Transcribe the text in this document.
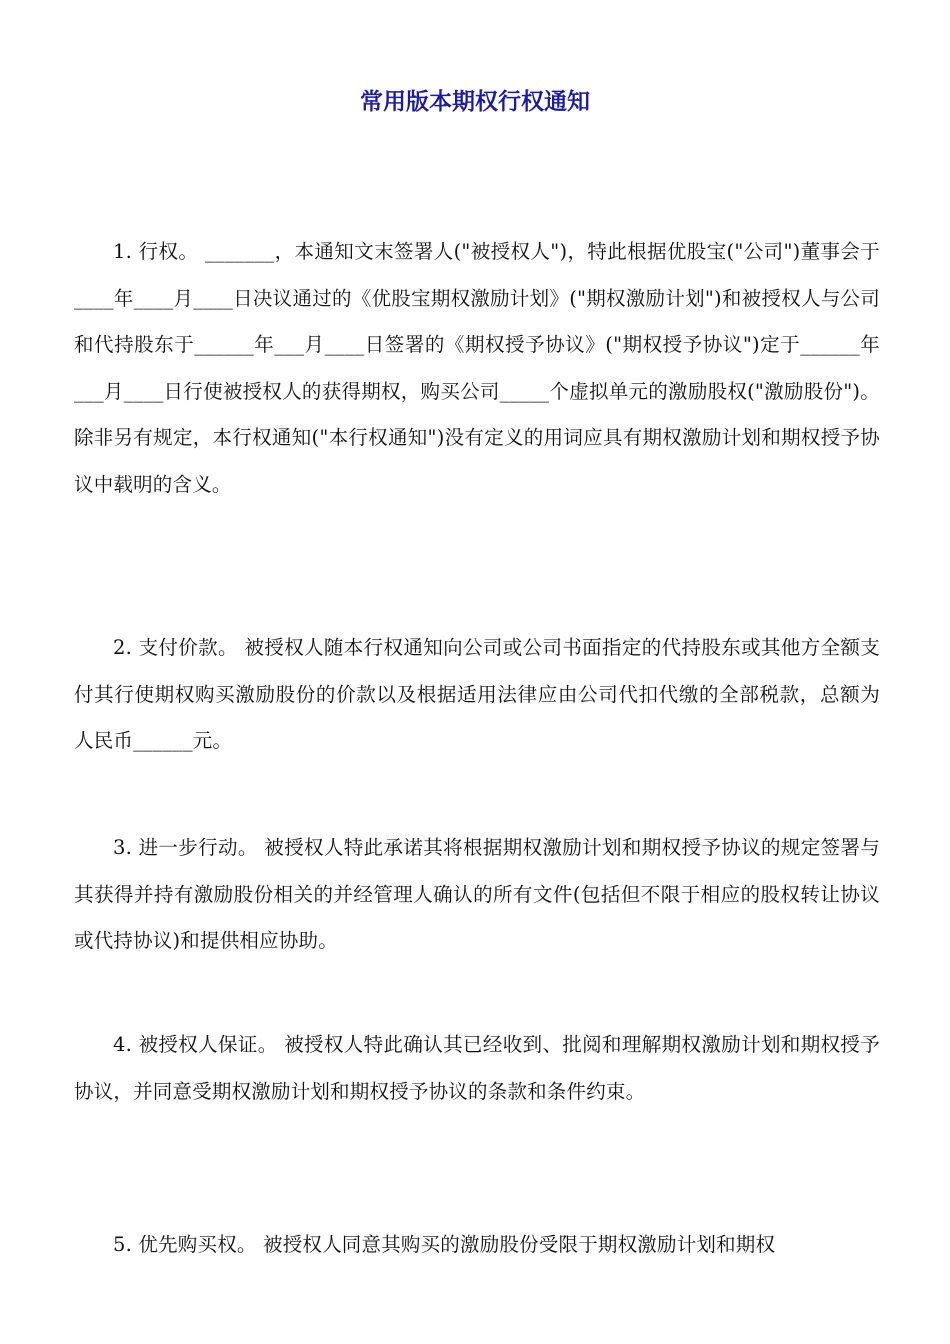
常用版本期权行权通知

1. 行权。 _______，本通知文末签署人("被授权人")，特此根据优股宝("公司")董事会于____年____月____日决议通过的《优股宝期权激励计划》("期权激励计划")和被授权人与公司和代持股东于______年___月____日签署的《期权授予协议》("期权授予协议")定于______年___月____日行使被授权人的获得期权，购买公司_____个虚拟单元的激励股权("激励股份")。除非另有规定，本行权通知("本行权通知")没有定义的用词应具有期权激励计划和期权授予协议中载明的含义。

2. 支付价款。 被授权人随本行权通知向公司或公司书面指定的代持股东或其他方全额支付其行使期权购买激励股份的价款以及根据适用法律应由公司代扣代缴的全部税款，总额为人民币______元。

3. 进一步行动。 被授权人特此承诺其将根据期权激励计划和期权授予协议的规定签署与其获得并持有激励股份相关的并经管理人确认的所有文件(包括但不限于相应的股权转让协议或代持协议)和提供相应协助。

4. 被授权人保证。 被授权人特此确认其已经收到、批阅和理解期权激励计划和期权授予协议，并同意受期权激励计划和期权授予协议的条款和条件约束。

5. 优先购买权。 被授权人同意其购买的激励股份受限于期权激励计划和期权
